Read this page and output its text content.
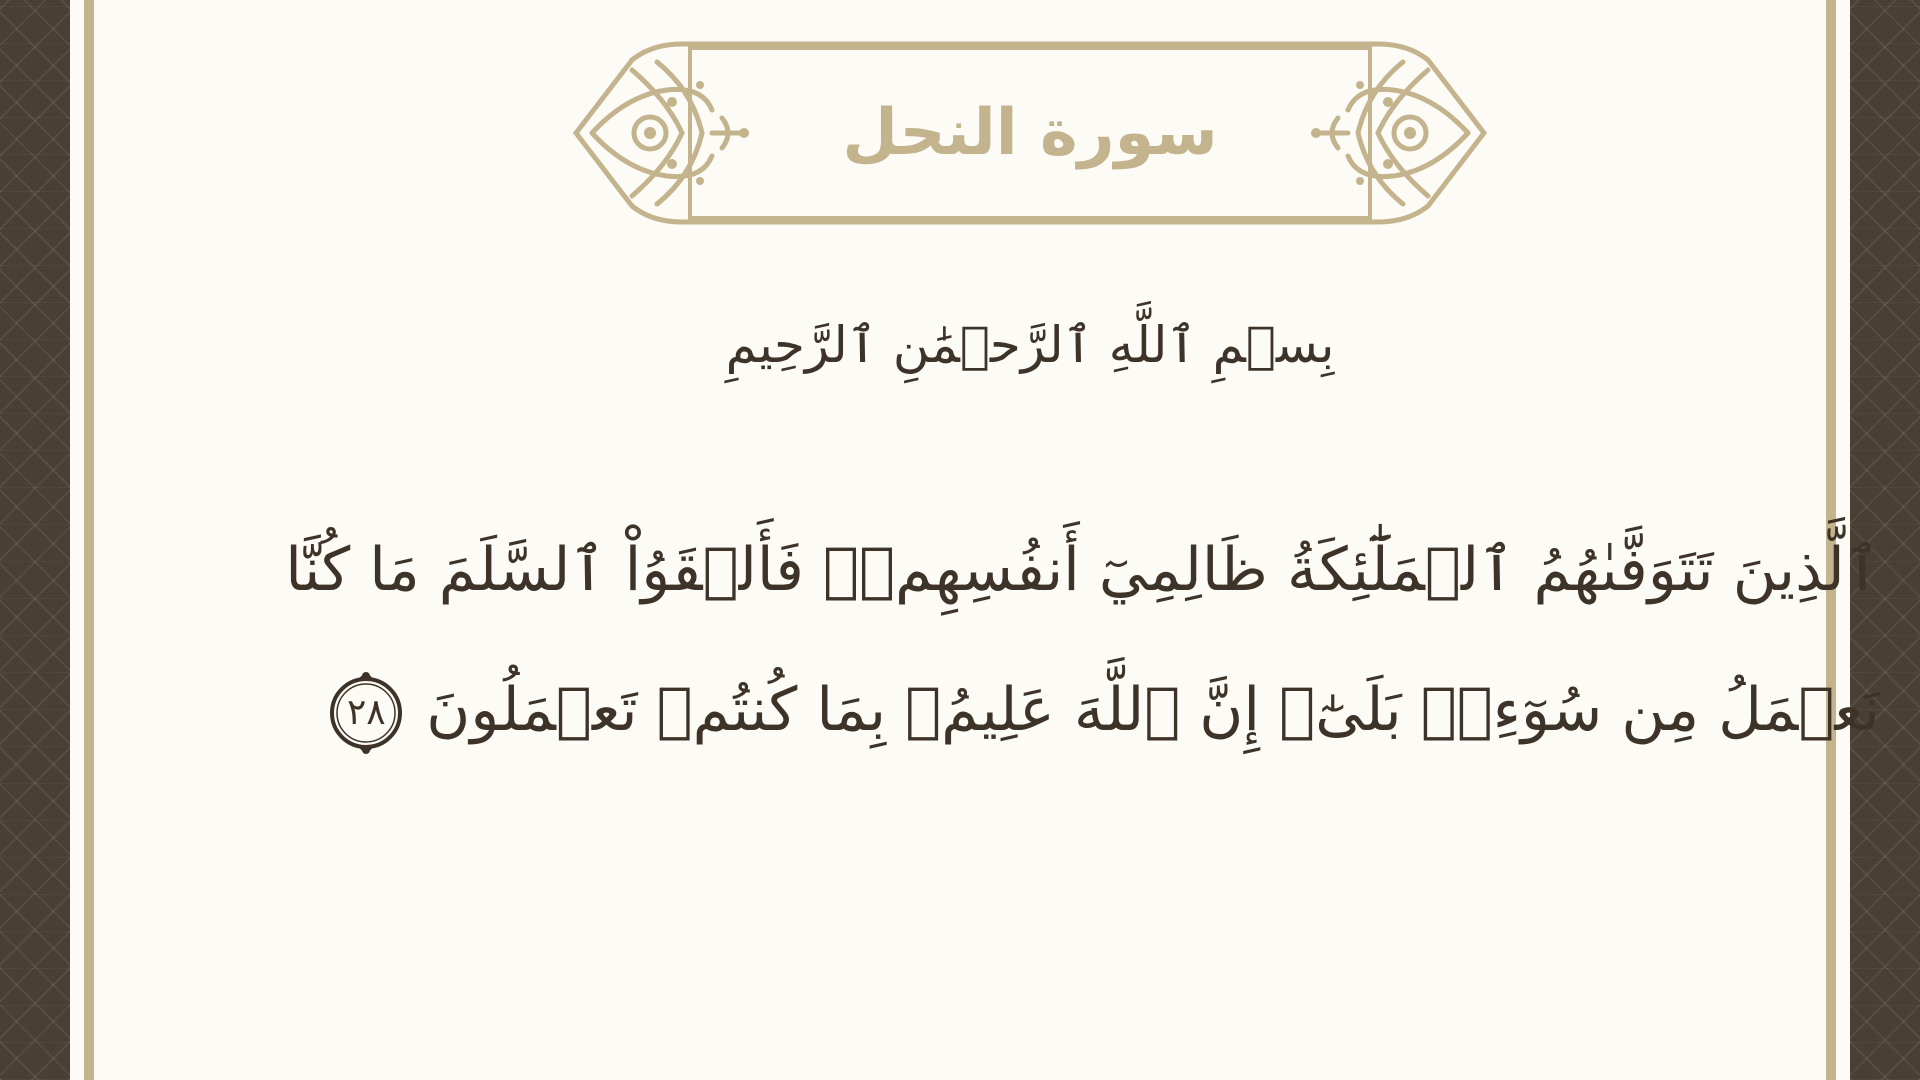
سورة النحل
بِسۡمِ ٱللَّهِ ٱلرَّحۡمَٰنِ ٱلرَّحِيمِ
ٱلَّذِينَ تَتَوَفَّىٰهُمُ ٱلۡمَلَٰٓئِكَةُ ظَالِمِيٓ أَنفُسِهِمۡۖ فَأَلۡقَوُاْ ٱلسَّلَمَ مَا كُنَّا
نَعۡمَلُ مِن سُوٓءِۭۚ بَلَىٰٓۚ إِنَّ ٱللَّهَ عَلِيمُۢ بِمَا كُنتُمۡ تَعۡمَلُونَ
٢٨
